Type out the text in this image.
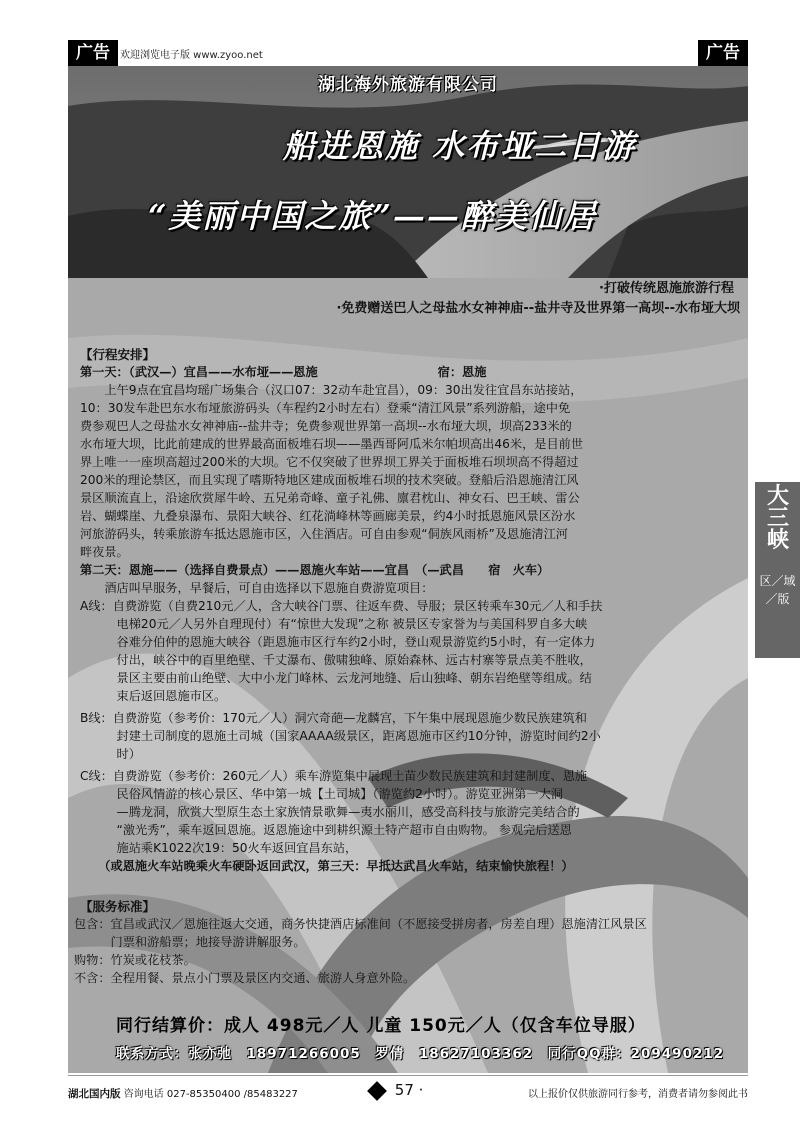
广告	欢迎浏览电子版 www.zyoo.net	广告
湖北海外旅游有限公司
船进恩施 水布垭二日游
“美丽中国之旅”——醉美仙居
·打破传统恩施旅游行程
·免费赠送巴人之母盐水女神神庙--盐井寺及世界第一高坝--水布垭大坝
【行程安排】
第一天：（武汉—）宜昌——水布垭——恩施	宿：恩施
　　上午9点在宜昌均瑶广场集合（汉口07：32动车赴宜昌），09：30出发往宜昌东站接站，
10：30发车赴巴东水布垭旅游码头（车程约2小时左右）登乘“清江风景”系列游船，途中免
费参观巴人之母盐水女神神庙--盐井寺；免费参观世界第一高坝--水布垭大坝，坝高233米的
水布垭大坝，比此前建成的世界最高面板堆石坝——墨西哥阿瓜米尔帕坝高出46米，是目前世
界上唯一一座坝高超过200米的大坝。它不仅突破了世界坝工界关于面板堆石坝坝高不得超过
200米的理论禁区，而且实现了嗜斯特地区建成面板堆石坝的技术突破。登船后沿恩施清江风
景区顺流直上，沿途欣赏犀牛岭、五兄弟奇峰、童子礼佛、廪君枕山、神女石、巴王峡、雷公
岩、蝴蝶崖、九叠泉瀑布、景阳大峡谷、红花淌峰林等画廊美景，约4小时抵恩施风景区汾水
河旅游码头，转乘旅游车抵达恩施市区，入住酒店。可自由参观“侗族风雨桥”及恩施清江河
畔夜景。
第二天：恩施——（选择自费景点）——恩施火车站——宜昌　（—武昌　　宿　火车）
　　酒店叫早服务，早餐后，可自由选择以下恩施自费游览项目：
A线：自费游览（自费210元／人，含大峡谷门票、往返车费、导服；景区转乘车30元／人和手扶
　　　电梯20元／人另外自理现付）有“惊世大发现”之称 被景区专家誉为与美国科罗自多大峡
　　　谷难分伯仲的恩施大峡谷（距恩施市区行车约2小时，登山观景游览约5小时，有一定体力
　　　付出，峡谷中的百里绝壁、千丈瀑布、傲啸独峰、原始森林、远古村寨等景点美不胜收，
　　　景区主要由前山绝壁、大中小龙门峰林、云龙河地缝、后山独峰、朝东岩绝壁等组成。结
　　　束后返回恩施市区。
B线：自费游览（参考价：170元／人）洞穴奇葩—龙麟宫，下午集中展现恩施少数民族建筑和
　　　封建土司制度的恩施土司城（国家AAAA级景区，距离恩施市区约10分钟，游览时间约2小
　　　时）
C线：自费游览（参考价：260元／人）乘车游览集中展现土苗少数民族建筑和封建制度、恩施
　　　民俗风情游的核心景区、华中第一城【土司城】（游览约2小时）。游览亚洲第一大洞
　　　—腾龙洞，欣赏大型原生态土家族情景歌舞—夷水丽川，感受高科技与旅游完美结合的
　　　“激光秀”，乘车返回恩施。返恩施途中到耕织源土特产超市自由购物。 参观完后送恩
　　　施站乘K1022次19：50火车返回宜昌东站，
　　（或恩施火车站晚乘火车硬卧返回武汉，第三天：早抵达武昌火车站，结束愉快旅程！）
【服务标准】
包含：宜昌或武汉／恩施往返大交通，商务快捷酒店标准间（不愿接受拼房者，房差自理）恩施清江风景区
　　　门票和游船票；地接导游讲解服务。
购物：竹炭或花枝茶。
不含：全程用餐、景点小门票及景区内交通、旅游人身意外险。
同行结算价：成人 498元／人 儿童 150元／人（仅含车位导服）
联系方式：张亦弛　18971266005　罗倩　18627103362　同行QQ群：209490212
大三峡
区／域／版
湖北国内版 咨询电话 027-85350400 /85483227	57 ·	以上报价仅供旅游同行参考，消费者请勿参阅此书
